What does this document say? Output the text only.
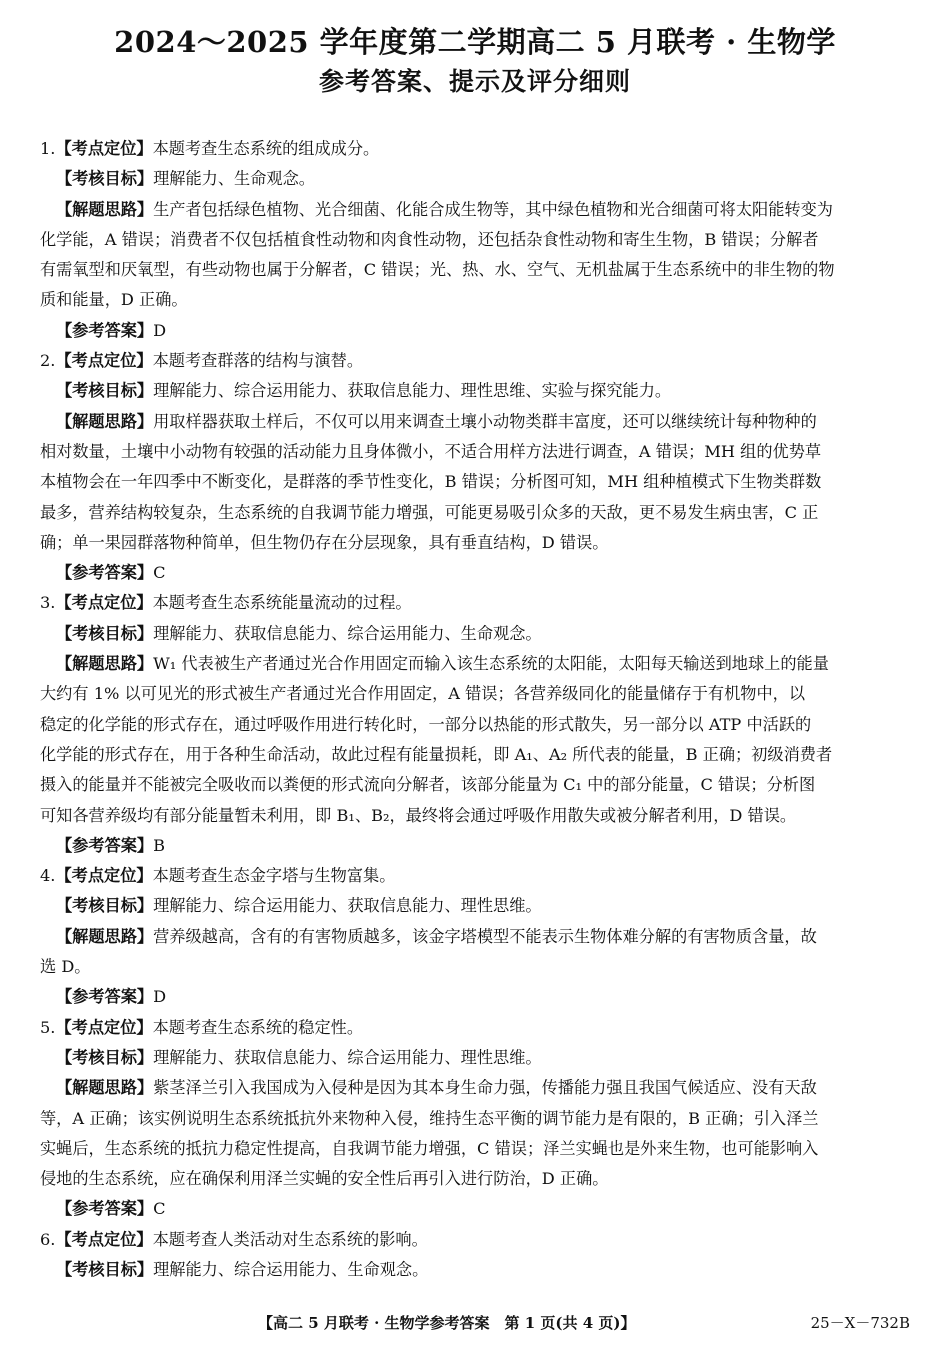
2024～2025 学年度第二学期高二 5 月联考 · 生物学
参考答案、提示及评分细则
1.【考点定位】本题考查生态系统的组成成分。
【考核目标】理解能力、生命观念。
【解题思路】生产者包括绿色植物、光合细菌、化能合成生物等，其中绿色植物和光合细菌可将太阳能转变为
化学能，A 错误；消费者不仅包括植食性动物和肉食性动物，还包括杂食性动物和寄生生物，B 错误；分解者
有需氧型和厌氧型，有些动物也属于分解者，C 错误；光、热、水、空气、无机盐属于生态系统中的非生物的物
质和能量，D 正确。
【参考答案】D
2.【考点定位】本题考查群落的结构与演替。
【考核目标】理解能力、综合运用能力、获取信息能力、理性思维、实验与探究能力。
【解题思路】用取样器获取土样后，不仅可以用来调查土壤小动物类群丰富度，还可以继续统计每种物种的
相对数量，土壤中小动物有较强的活动能力且身体微小，不适合用样方法进行调查，A 错误；MH 组的优势草
本植物会在一年四季中不断变化，是群落的季节性变化，B 错误；分析图可知，MH 组种植模式下生物类群数
最多，营养结构较复杂，生态系统的自我调节能力增强，可能更易吸引众多的天敌，更不易发生病虫害，C 正
确；单一果园群落物种简单，但生物仍存在分层现象，具有垂直结构，D 错误。
【参考答案】C
3.【考点定位】本题考查生态系统能量流动的过程。
【考核目标】理解能力、获取信息能力、综合运用能力、生命观念。
【解题思路】W₁ 代表被生产者通过光合作用固定而输入该生态系统的太阳能，太阳每天输送到地球上的能量
大约有 1% 以可见光的形式被生产者通过光合作用固定，A 错误；各营养级同化的能量储存于有机物中，以
稳定的化学能的形式存在，通过呼吸作用进行转化时，一部分以热能的形式散失，另一部分以 ATP 中活跃的
化学能的形式存在，用于各种生命活动，故此过程有能量损耗，即 A₁、A₂ 所代表的能量，B 正确；初级消费者
摄入的能量并不能被完全吸收而以粪便的形式流向分解者，该部分能量为 C₁ 中的部分能量，C 错误；分析图
可知各营养级均有部分能量暂未利用，即 B₁、B₂，最终将会通过呼吸作用散失或被分解者利用，D 错误。
【参考答案】B
4.【考点定位】本题考查生态金字塔与生物富集。
【考核目标】理解能力、综合运用能力、获取信息能力、理性思维。
【解题思路】营养级越高，含有的有害物质越多，该金字塔模型不能表示生物体难分解的有害物质含量，故
选 D。
【参考答案】D
5.【考点定位】本题考查生态系统的稳定性。
【考核目标】理解能力、获取信息能力、综合运用能力、理性思维。
【解题思路】紫茎泽兰引入我国成为入侵种是因为其本身生命力强，传播能力强且我国气候适应、没有天敌
等，A 正确；该实例说明生态系统抵抗外来物种入侵，维持生态平衡的调节能力是有限的，B 正确；引入泽兰
实蝇后，生态系统的抵抗力稳定性提高，自我调节能力增强，C 错误；泽兰实蝇也是外来生物，也可能影响入
侵地的生态系统，应在确保利用泽兰实蝇的安全性后再引入进行防治，D 正确。
【参考答案】C
6.【考点定位】本题考查人类活动对生态系统的影响。
【考核目标】理解能力、综合运用能力、生命观念。
【高二 5 月联考 · 生物学参考答案　第 1 页(共 4 页)】	25－X－732B
